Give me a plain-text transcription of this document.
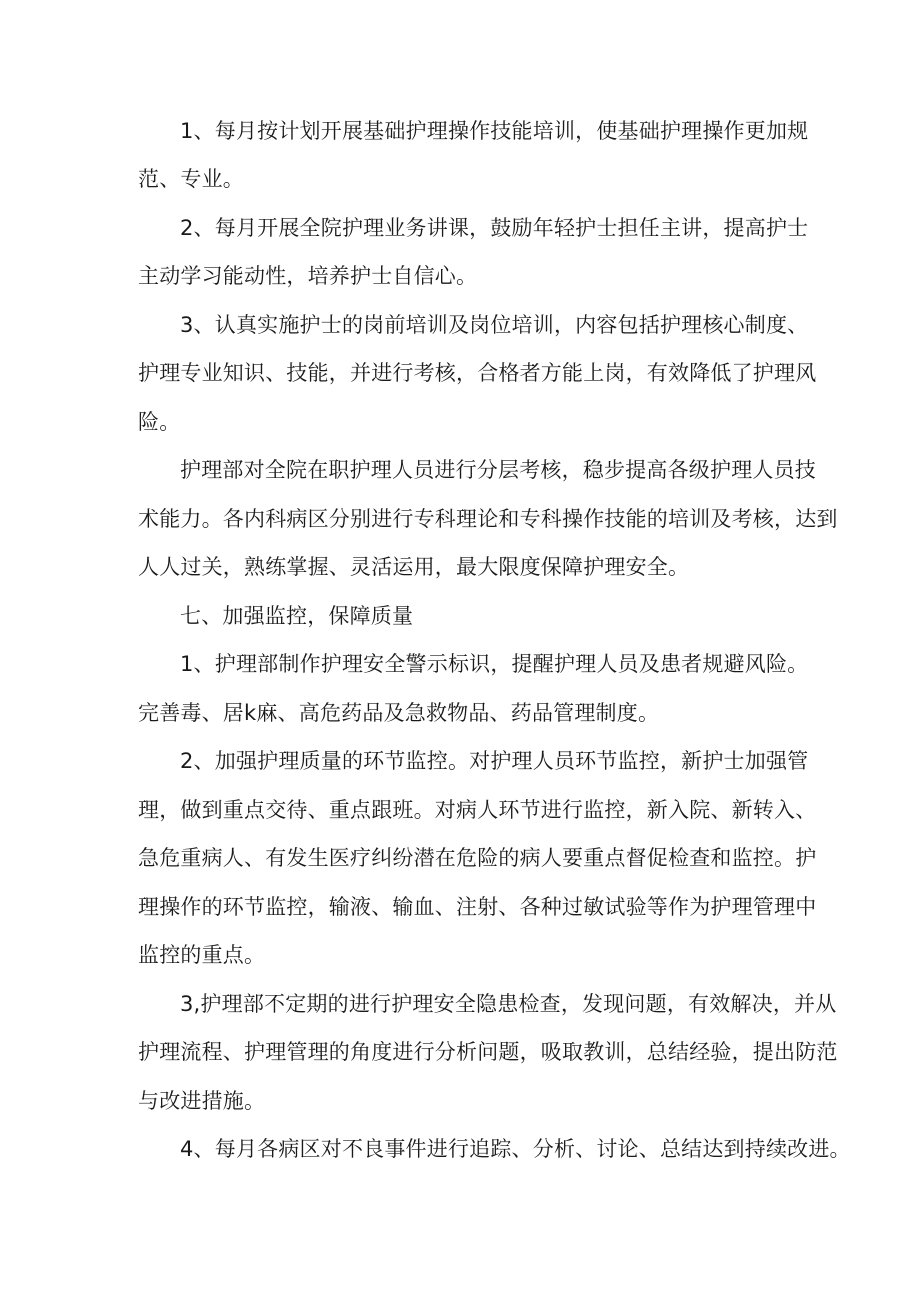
1、每月按计划开展基础护理操作技能培训，使基础护理操作更加规
范、专业。
2、每月开展全院护理业务讲课，鼓励年轻护士担任主讲，提高护士
主动学习能动性，培养护士自信心。
3、认真实施护士的岗前培训及岗位培训，内容包括护理核心制度、
护理专业知识、技能，并进行考核，合格者方能上岗，有效降低了护理风
险。
护理部对全院在职护理人员进行分层考核，稳步提高各级护理人员技
术能力。各内科病区分别进行专科理论和专科操作技能的培训及考核，达到
人人过关，熟练掌握、灵活运用，最大限度保障护理安全。
七、加强监控，保障质量
1、护理部制作护理安全警示标识，提醒护理人员及患者规避风险。
完善毒、居k麻、高危药品及急救物品、药品管理制度。
2、加强护理质量的环节监控。对护理人员环节监控，新护士加强管
理，做到重点交待、重点跟班。对病人环节进行监控，新入院、新转入、
急危重病人、有发生医疗纠纷潜在危险的病人要重点督促检查和监控。护
理操作的环节监控，输液、输血、注射、各种过敏试验等作为护理管理中
监控的重点。
3,护理部不定期的进行护理安全隐患检查，发现问题，有效解决，并从
护理流程、护理管理的角度进行分析问题，吸取教训，总结经验，提出防范
与改进措施。
4、每月各病区对不良事件进行追踪、分析、讨论、总结达到持续改进。
